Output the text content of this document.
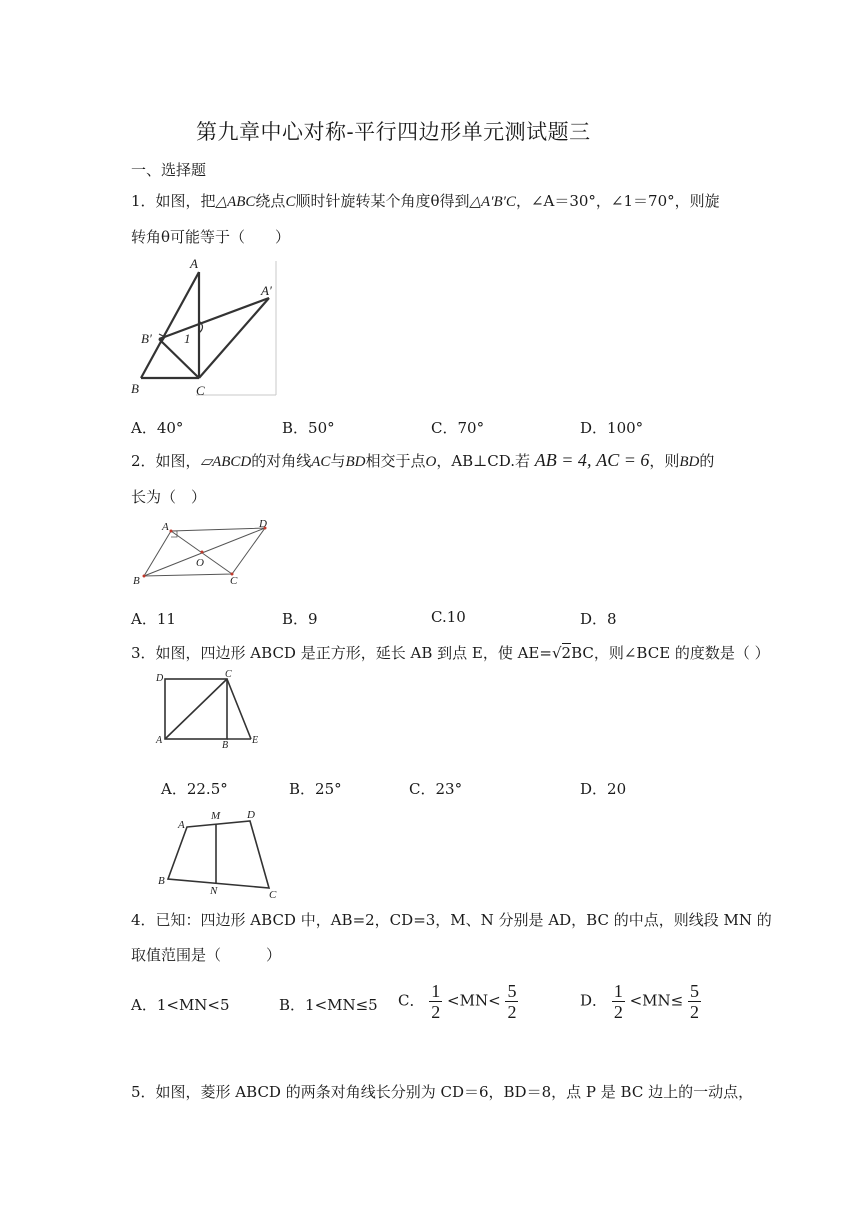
第九章中心对称-平行四边形单元测试题三
一、选择题
1．如图，把△ABC绕点C顺时针旋转某个角度θ得到△A′B′C，∠A＝30°，∠1＝70°，则旋
转角θ可能等于（　　）
A
A′
B′ 1
B	C
A．40°	B．50°	C．70°	D．100°
2．如图，▱ABCD的对角线AC与BD相交于点O，AB⊥CD.若 AB = 4, AC = 6，则BD的
长为（　）
A	D
O
B	C
A．11	B．9	C.10	D．8
3．如图，四边形 ABCD 是正方形，延长 AB 到点 E，使 AE=√2BC，则∠BCE 的度数是（ ）
D	C
A	B E
A．22.5°	B．25°	C．23°	D．20
A
M D
B
N	C
4．已知：四边形 ABCD 中，AB=2，CD=3，M、N 分别是 AD，BC 的中点，则线段 MN 的
取值范围是（　　　）
A．1<MN<5	B．1<MN≤5 C． $\frac{1}{2} <MN< \frac{5}{2}$	D． $\frac{1}{2} <MN\le \frac{5}{2}$
5．如图，菱形 ABCD 的两条对角线长分别为 CD＝6，BD＝8，点 P 是 BC 边上的一动点，
